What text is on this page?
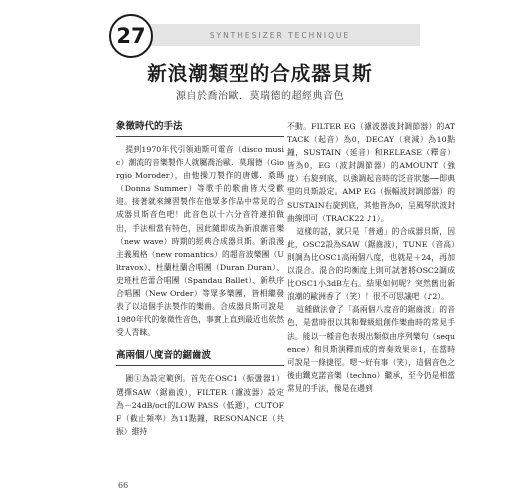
SYNTHESIZER TECHNIQUE
27
新浪潮類型的合成器貝斯
源自於喬治歐．莫瑞德的超經典音色
象徵時代的手法

提到1970年代引領迪斯可電音（disco music）潮流的音樂製作人就屬喬治歐．莫瑞德（Giorgio Moroder），由他操刀製作的唐娜．桑瑪（Donna Summer）等歌手的歌曲皆大受歡迎。接著就來練習製作在他眾多作品中常見的合成器貝斯音色吧！此音色以十六分音符連拍做出，手法相當有特色，因此隨即成為新浪潮音樂（new wave）時期的經典合成器貝斯。新浪漫主義風格（new romantics）的超音波樂團（Ultravox）、杜蘭杜蘭合唱團（Duran Duran）、史班杜芭蕾合唱團（Spandau Ballet）、新秩序合唱團（New Order）等眾多樂團，皆相繼發表了以這個手法製作的樂曲。合成器貝斯可說是1980年代的象徵性音色，事實上直到最近也依然受人青睞。

高兩個八度音的鋸齒波

圖①為設定範例。首先在OSC1（振盪器1）選擇SAW（鋸齒波），FILTER（濾波器）設定為－24dB/oct的LOW PASS（低通），CUTOFF（截止頻率）為11點鐘，RESONANCE（共振）維持

不動。FILTER EG（濾波器波封調節器）的ATTACK（起音）為0，DECAY（衰減）為10點鐘，SUSTAIN（延音）和RELEASE（釋音）皆為0，EG（波封調節器）的AMOUNT（強度）右旋到底，以強調起音時的泛音狀態──即典型的貝斯設定。AMP EG（振幅波封調節器）的SUSTAIN右旋到底，其他皆為0，呈風琴狀波封曲線即可（TRACK22 ♪1）。

這樣的話，就只是「普通」的合成器貝斯，因此，OSC2設為SAW（鋸齒波），TUNE（音高）則調為比OSC1高兩個八度，也就是＋24，再加以混合。混合的均衡度上則可試著將OSC2調成比OSC1小3dB左右。結果如何呢？突然舊出新浪潮的歐洲香了（笑）！很不可思議吧（♪2）。

這種做法會了「高兩個八度音的鋸齒波」的音色，是當時很以其和聲級組創作樂曲時的常見手法。能以一種音色表現出類似由序列樂句（sequence）和貝斯演釋而成的齊奏效果※1，在當時可說是一條捷徑。嗯～好有事（笑），這個音色之後由鐵克諾音樂（techno）繼承，至今仍是相當常見的手法，像是在遇到

66
